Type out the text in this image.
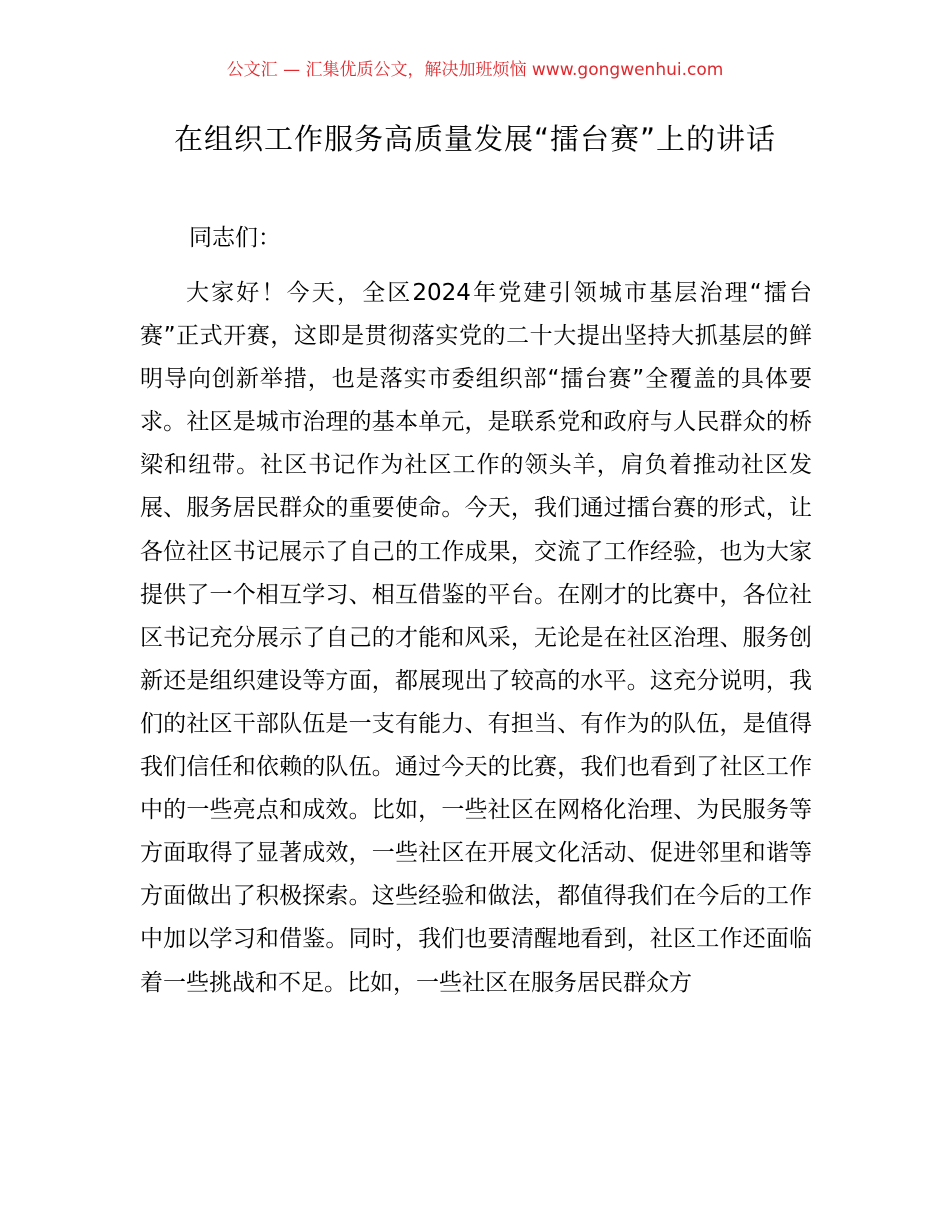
公文汇 — 汇集优质公文，解决加班烦恼 www.gongwenhui.com
在组织工作服务高质量发展“擂台赛”上的讲话
同志们：
大家好！今天，全区2024年党建引领城市基层治理“擂台赛”正式开赛，这即是贯彻落实党的二十大提出坚持大抓基层的鲜明导向创新举措，也是落实市委组织部“擂台赛”全覆盖的具体要求。社区是城市治理的基本单元，是联系党和政府与人民群众的桥梁和纽带。社区书记作为社区工作的领头羊，肩负着推动社区发展、服务居民群众的重要使命。今天，我们通过擂台赛的形式，让各位社区书记展示了自己的工作成果，交流了工作经验，也为大家提供了一个相互学习、相互借鉴的平台。在刚才的比赛中，各位社区书记充分展示了自己的才能和风采，无论是在社区治理、服务创新还是组织建设等方面，都展现出了较高的水平。这充分说明，我们的社区干部队伍是一支有能力、有担当、有作为的队伍，是值得我们信任和依赖的队伍。通过今天的比赛，我们也看到了社区工作中的一些亮点和成效。比如，一些社区在网格化治理、为民服务等方面取得了显著成效，一些社区在开展文化活动、促进邻里和谐等方面做出了积极探索。这些经验和做法，都值得我们在今后的工作中加以学习和借鉴。同时，我们也要清醒地看到，社区工作还面临着一些挑战和不足。比如，一些社区在服务居民群众方
